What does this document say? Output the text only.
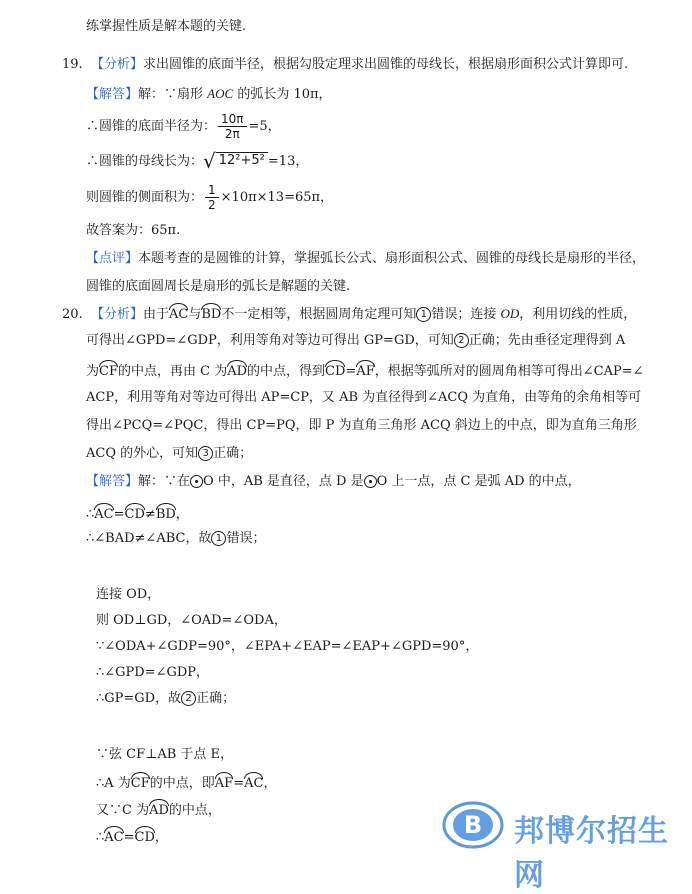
练掌握性质是解本题的关键.
19. 【分析】求出圆锥的底面半径，根据勾股定理求出圆锥的母线长，根据扇形面积公式计算即可.
【解答】解：∵扇形 AOC 的弧长为 10π，
∴圆锥的底面半径为： $\frac{10\pi}{2\pi} =5$，
∴圆锥的母线长为：√ 12²+5² =13，
则圆锥的侧面积为： $\frac{1}{2} \times 10\pi\times 13=65\pi$，
故答案为：65π.
【点评】本题考查的是圆锥的计算，掌握弧长公式、扇形面积公式、圆锥的母线长是扇形的半径，
圆锥的底面圆周长是扇形的弧长是解题的关键.
20. 【分析】由于AC与BD不一定相等，根据圆周角定理可知 1 错误；连接 OD，利用切线的性质，
可得出∠GPD=∠GDP，利用等角对等边可得出 GP=GD，可知 2 正确；先由垂径定理得到 A
为CF的中点，再由 C 为AD的中点，得到CD=AF，根据等弧所对的圆周角相等可得出∠CAP=∠
ACP，利用等角对等边可得出 AP=CP，又 AB 为直径得到∠ACQ 为直角，由等角的余角相等可
得出∠PCQ=∠PQC，得出 CP=PQ，即 P 为直角三角形 ACQ 斜边上的中点，即为直角三角形
ACQ 的外心，可知 3 正确；
【解答】解：∵在 O 中，AB 是直径，点 D 是 O 上一点，点 C 是弧 AD 的中点，
∴AC=CD≠BD，
∴∠BAD≠∠ABC，故 1 错误；
连接 OD，
则 OD⊥GD，∠OAD=∠ODA，
∵∠ODA+∠GDP=90°，∠EPA+∠EAP=∠EAP+∠GPD=90°，
∴∠GPD=∠GDP，
∴GP=GD，故 2 正确；
∵弦 CF⊥AB 于点 E，
∴A 为CF的中点，即AF=AC，
又∵C 为AD的中点，
∴AC=CD，	B 邦博尔招生网
